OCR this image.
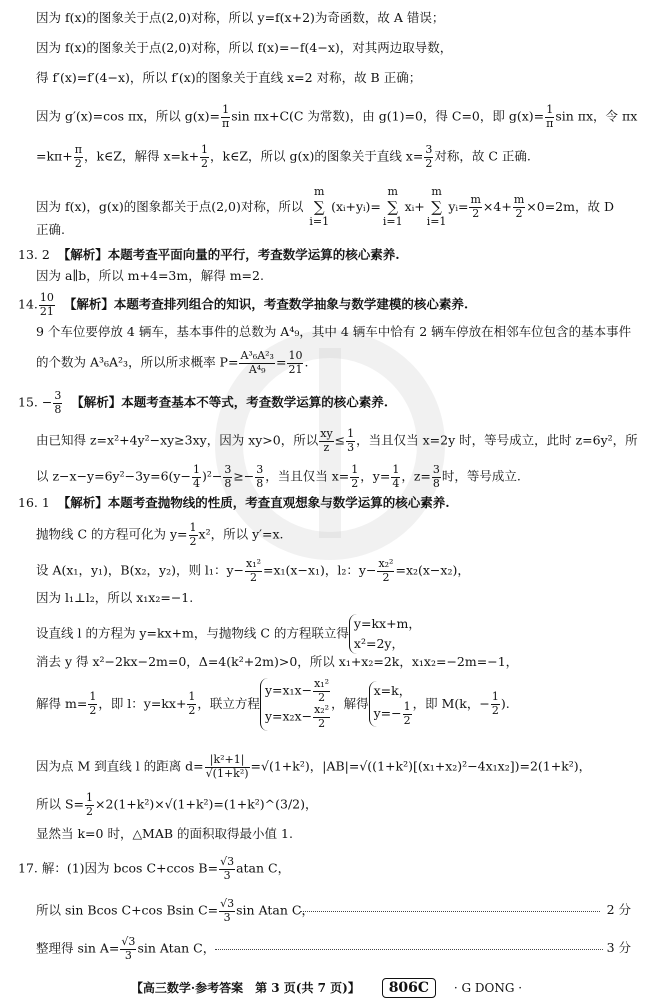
因为 f(x)的图象关于点(2,0)对称，所以 y=f(x+2)为奇函数，故 A 错误；
因为 f(x)的图象关于点(2,0)对称，所以 f(x)=−f(4−x)，对其两边取导数，
得 f′(x)=f′(4−x)，所以 f′(x)的图象关于直线 x=2 对称，故 B 正确；
因为 g′(x)=cos πx，所以 $g(x)= \frac{1}{\pi}$ sin πx+C(C 为常数)，由 g(1)=0，得 C=0，即 $g(x)= \frac{1}{\pi}$ sin πx，令 πx
$=k\pi+ \frac{\pi}{2}$ ，k∈Z，解得 $x=k+ \frac{1}{2}$ ，k∈Z，所以 g(x)的图象关于直线 $x= \frac{3}{2}$ 对称，故 C 正确.
因为 f(x)，g(x)的图象都关于点(2,0)对称，所以
m
∑
i=1
(xᵢ+yᵢ)=
m
∑
i=1
xᵢ+
m
∑
i=1
yᵢ= $\frac{m}{2} \times 4+ \frac{m}{2} \times 0=2m$，故 D
正确.
13. 2 【解析】本题考查平面向量的平行，考查数学运算的核心素养.
因为 a∥b，所以 m+4=3m，解得 m=2.
14. $\frac{10}{21}$ 【解析】本题考查排列组合的知识，考查数学抽象与数学建模的核心素养.
9 个车位要停放 4 辆车，基本事件的总数为 A⁴₉，其中 4 辆车中恰有 2 辆车停放在相邻车位包含的基本事件
的个数为 A³₆A²₃，所以所求概率 $P= \frac{\text{A³₆A²₃}}{\text{A⁴₉}} = \frac{10}{21}$ .
15. − $\frac{3}{8}$ 【解析】本题考查基本不等式，考查数学运算的核心素养.
由已知得 z=x²+4y²−xy≥3xy，因为 xy>0，所以 $\frac{xy}{z} \le \frac{1}{3}$ ，当且仅当 x=2y 时，等号成立，此时 z=6y²，所
以 $z-x-y=6y^2-3y=6(y- \frac{1}{4} )^2- \frac{3}{8} \ge- \frac{3}{8}$ ，当且仅当 $x= \frac{1}{2}$ ，$y= \frac{1}{4}$ ，$z= \frac{3}{8}$ 时，等号成立.
16. 1 【解析】本题考查抛物线的性质，考查直观想象与数学运算的核心素养.
抛物线 C 的方程可化为 $y= \frac{1}{2} x^2$，所以 y′=x.
设 A(x₁，y₁)，B(x₂，y₂)，则 l₁：$y- \frac{\text{x₁²}}{2} =x_1(x-x_1)$，l₂：$y- \frac{\text{x₂²}}{2} =x_2(x-x_2)$，
因为 l₁⊥l₂，所以 x₁x₂=−1.
设直线 l 的方程为 y=kx+m，与抛物线 C 的方程联立得
y=kx+m，
x²=2y，
消去 y 得 x²−2kx−2m=0，Δ=4(k²+2m)>0，所以 x₁+x₂=2k，x₁x₂=−2m=−1，
解得 $m= \frac{1}{2}$ ，即 l：$y=kx+ \frac{1}{2}$ ，联立方程
$y=x_1x- \frac{\text{x₁²}}{2}$
$y=x_2x- \frac{\text{x₂²}}{2}$
，解得
x=k，
$y=- \frac{1}{2}$ ，即 M(k，− $\frac{1}{2}$ ).
因为点 M 到直线 l 的距离 $d= \frac{\text{|k²+1|}}{\text{√(1+k²)}} =√(1+k^2)$，|AB|=√((1+k²)[(x₁+x₂)²−4x₁x₂])=2(1+k²)，
所以 $S= \frac{1}{2}$ ×2(1+k²)×√(1+k²)=(1+k²)^(3/2)，
显然当 k=0 时，△MAB 的面积取得最小值 1.
17. 解：(1)因为 bcos C+ccos $B= \frac{√3}{3}$ atan C，
所以 sin Bcos C+cos Bsin $C= \frac{√3}{3}$ sin Atan C，	2 分
整理得 $\sin A= \frac{√3}{3}$ sin Atan C，	3 分
【高三数学·参考答案　第 3 页(共 7 页)】 806C · G DONG ·
